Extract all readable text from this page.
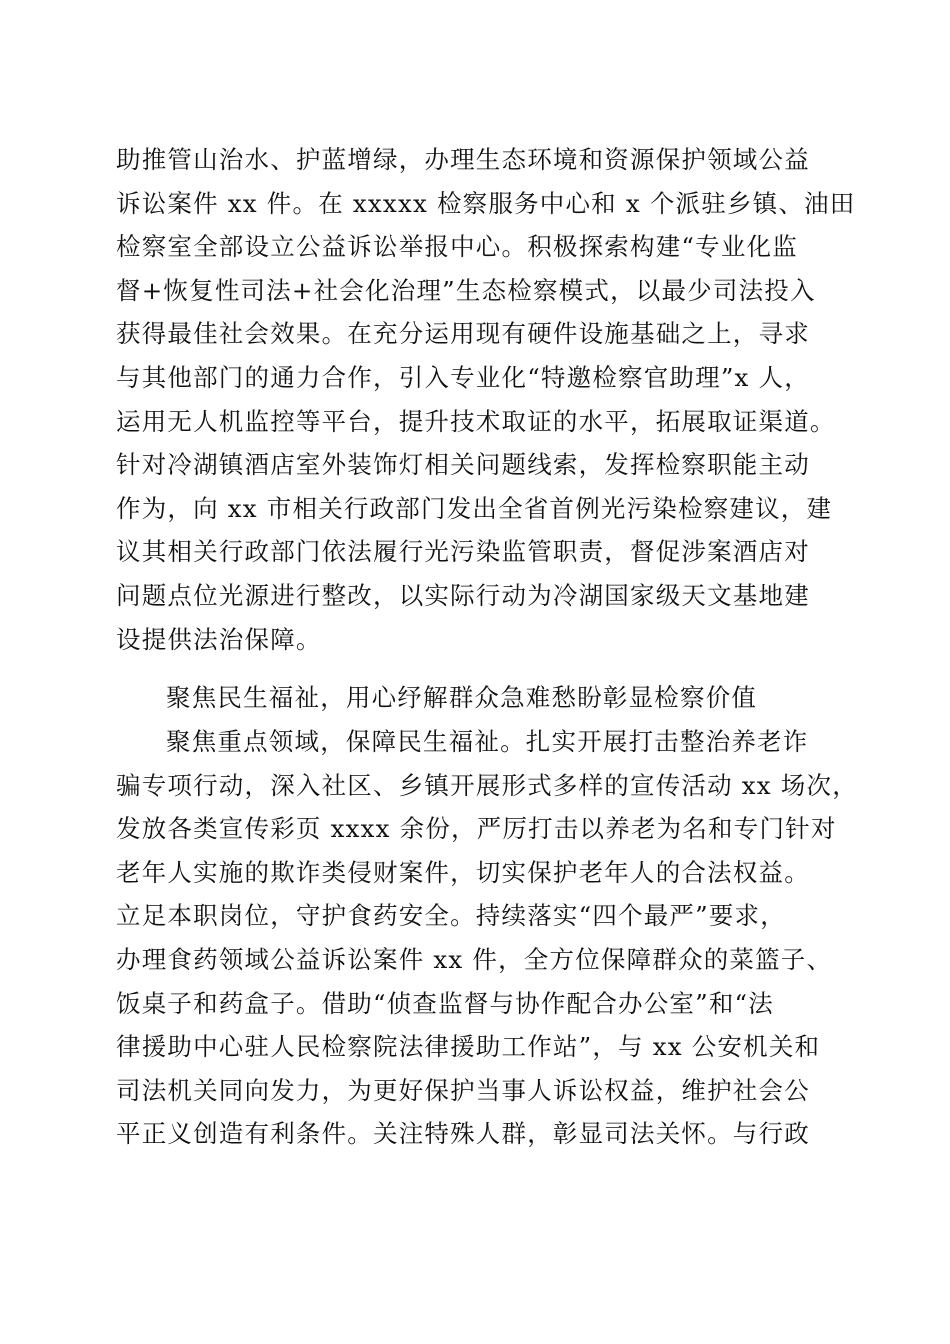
助推管山治水、护蓝增绿，办理生态环境和资源保护领域公益
诉讼案件 xx 件。在 xxxxx 检察服务中心和 x 个派驻乡镇、油田
检察室全部设立公益诉讼举报中心。积极探索构建“专业化监
督+恢复性司法+社会化治理”生态检察模式，以最少司法投入
获得最佳社会效果。在充分运用现有硬件设施基础之上，寻求
与其他部门的通力合作，引入专业化“特邀检察官助理”x 人，
运用无人机监控等平台，提升技术取证的水平，拓展取证渠道。
针对冷湖镇酒店室外装饰灯相关问题线索，发挥检察职能主动
作为，向 xx 市相关行政部门发出全省首例光污染检察建议，建
议其相关行政部门依法履行光污染监管职责，督促涉案酒店对
问题点位光源进行整改，以实际行动为冷湖国家级天文基地建
设提供法治保障。
聚焦民生福祉，用心纾解群众急难愁盼彰显检察价值
聚焦重点领域，保障民生福祉。扎实开展打击整治养老诈
骗专项行动，深入社区、乡镇开展形式多样的宣传活动 xx 场次，
发放各类宣传彩页 xxxx 余份，严厉打击以养老为名和专门针对
老年人实施的欺诈类侵财案件，切实保护老年人的合法权益。
立足本职岗位，守护食药安全。持续落实“四个最严”要求，
办理食药领域公益诉讼案件 xx 件，全方位保障群众的菜篮子、
饭桌子和药盒子。借助“侦查监督与协作配合办公室”和“法
律援助中心驻人民检察院法律援助工作站”，与 xx 公安机关和
司法机关同向发力，为更好保护当事人诉讼权益，维护社会公
平正义创造有利条件。关注特殊人群，彰显司法关怀。与行政
